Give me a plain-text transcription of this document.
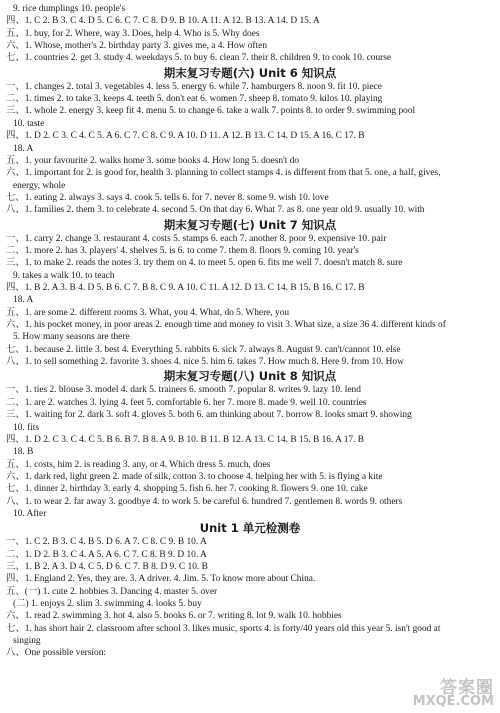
9. rice dumplings 10. people's
四、1. C 2. B 3. C 4. D 5. C 6. C 7. C 8. D 9. B 10. A 11. A 12. B 13. A 14. D 15. A
五、1. buy, for 2. Where, way 3. Does, help 4. Who is 5. Why does
六、1. Whose, mother's 2. birthday party 3. gives me, a 4. How often
七、1. countries 2. get 3. study 4. weekdays 5. to buy 6. clean 7. their 8. children 9. to cook 10. course
期末复习专题(六) Unit 6 知识点
一、1. changes 2. total 3. vegetables 4. less 5. energy 6. while 7. hamburgers 8. noon 9. fit 10. piece
二、1. times 2. to take 3. keeps 4. teeth 5. don't eat 6. women 7. sheep 8. tomato 9. kilos 10. playing
三、1. whole 2. energy 3. keep fit 4. menu 5. to change 6. take a walk 7. points 8. to order 9. swimming pool
10. taste
四、1. D 2. C 3. C 4. C 5. A 6. C 7. C 8. C 9. A 10. D 11. A 12. B 13. C 14. D 15. A 16. C 17. B
18. A
五、1. your favourite 2. walks home 3. some books 4. How long 5. doesn't do
六、1. important for 2. is good for, health 3. planning to collect stamps 4. is different from that 5. one, a half, gives,
energy, whole
七、1. eating 2. always 3. says 4. cook 5. tells 6. for 7. never 8. some 9. wish 10. love
八、1. families 2. them 3. to celebrate 4. second 5. On that day 6. What 7. as 8. one year old 9. usually 10. with
期末复习专题(七) Unit 7 知识点
一、1. carry 2. change 3. restaurant 4. costs 5. stamps 6. each 7. another 8. poor 9. expensive 10. pair
二、1. more 2. has 3. players' 4. shelves 5. is 6. to come 7. them 8. floors 9. coming 10. year's
三、1. to make 2. reads the notes 3. try them on 4. to meet 5. open 6. fits me well 7. doesn't match 8. sure
9. takes a walk 10. to teach
四、1. B 2. A 3. B 4. D 5. B 6. C 7. B 8. C 9. A 10. C 11. A 12. D 13. C 14. B 15. B 16. C 17. B
18. A
五、1. are some 2. different rooms 3. What, you 4. What, do 5. Where, you
六、1. his pocket money, in poor areas 2. enough time and money to visit 3. What size, a size 36 4. different kinds of
5. How many seasons are there
七、1. because 2. little 3. best 4. Everything 5. rabbits 6. sick 7. always 8. August 9. can't/cannot 10. else
八、1. to sell something 2. favorite 3. shoes 4. nice 5. him 6. takes 7. How much 8. Here 9. from 10. How
期末复习专题(八) Unit 8 知识点
一、1. ties 2. blouse 3. model 4. dark 5. trainers 6. smooth 7. popular 8. writes 9. lazy 10. lend
二、1. are 2. watches 3. lying 4. feet 5. comfortable 6. her 7. more 8. made 9. well 10. countries
三、1. waiting for 2. dark 3. soft 4. gloves 5. both 6. am thinking about 7. borrow 8. looks smart 9. showing
10. fits
四、1. D 2. C 3. C 4. C 5. B 6. B 7. B 8. A 9. B 10. B 11. B 12. A 13. C 14. B 15. B 16. A 17. B
18. B
五、1. costs, him 2. is reading 3. any, or 4. Which dress 5. much, does
六、1. dark red, light green 2. made of silk, cotton 3. to choose 4. helping her with 5. is flying a kite
七、1. dinner 2. birthday 3. early 4. shopping 5. fish 6. her 7. cooking 8. flowers 9. one 10. cake
八、1. to wear 2. far away 3. goodbye 4. to work 5. be careful 6. hundred 7. gentlemen 8. words 9. others
10. After
Unit 1 单元检测卷
一、1. C 2. B 3. C 4. B 5. D 6. A 7. C 8. C 9. B 10. A
二、1. D 2. B 3. C 4. A 5. A 6. C 7. C 8. B 9. D 10. A
三、1. B 2. A 3. D 4. C 5. D 6. C 7. B 8. D 9. C 10. B
四、1. England 2. Yes, they are. 3. A driver. 4. Jim. 5. To know more about China.
五、(一) 1. cute 2. hobbies 3. Dancing 4. master 5. over
(二) 1. enjoys 2. slim 3. swimming 4. looks 5. buy
六、1. read 2. swimming 3. hot 4. also 5. books 6. or 7. writing 8. lot 9. walk 10. hobbies
七、1. has short hair 2. classroom after school 3. likes music, sports 4. is forty/40 years old this year 5. isn't good at
singing
八、One possible version:
答案圈
MXQE.COM
